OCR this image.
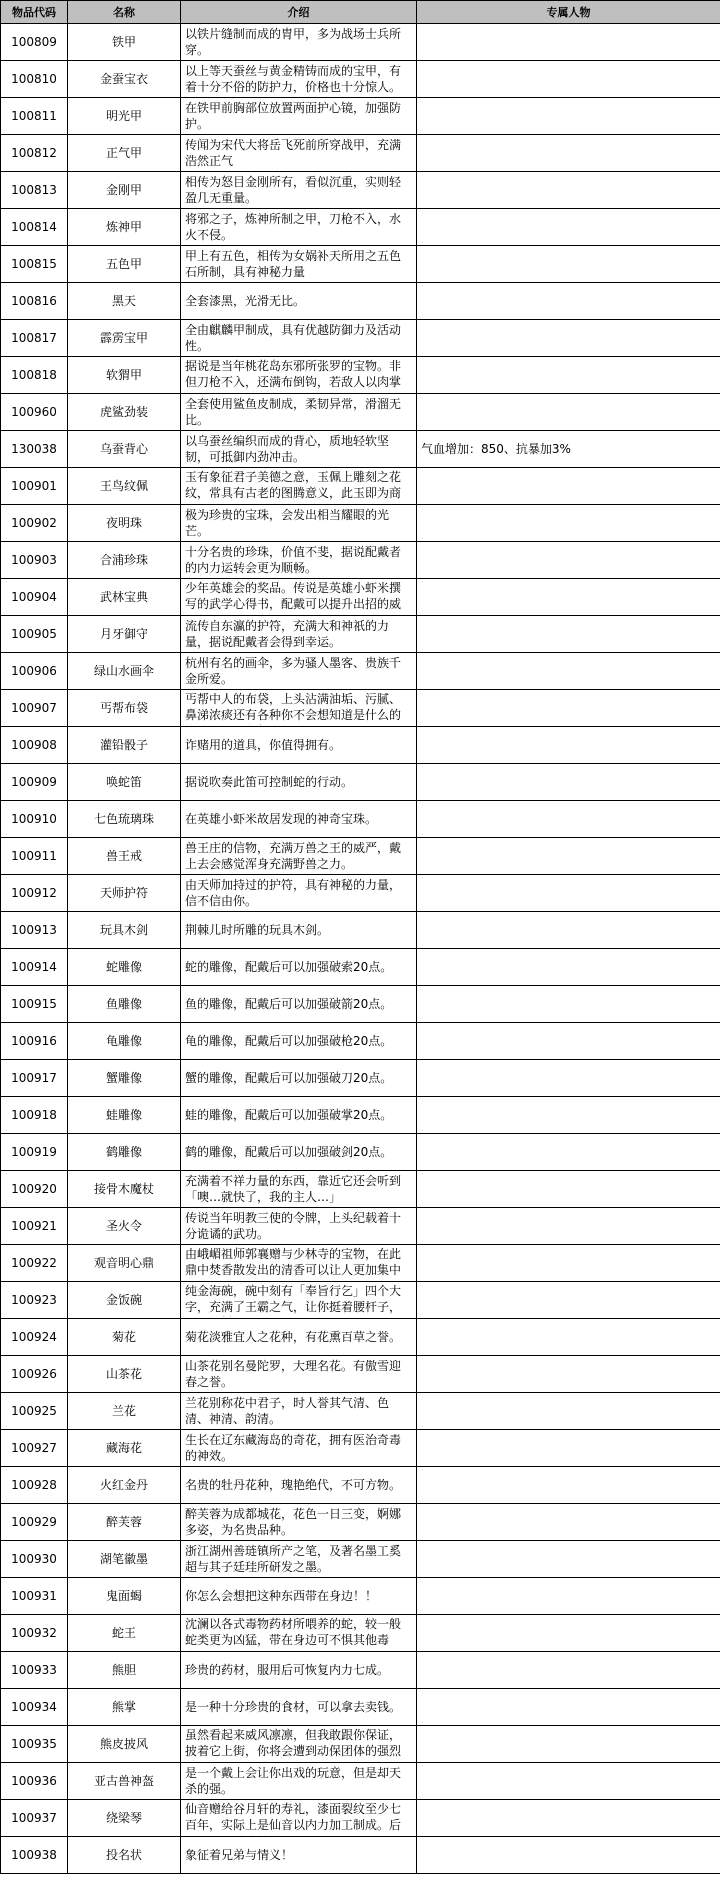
物品代码	名称	介绍	专属人物

100809	铁甲	以铁片缝制而成的胄甲，多为战场士兵所穿。	

100810	金蚕宝衣	以上等天蚕丝与黄金精铸而成的宝甲，有着十分不俗的防护力，价格也十分惊人。	

100811	明光甲	在铁甲前胸部位放置两面护心镜，加强防护。	

100812	正气甲	传闻为宋代大将岳飞死前所穿战甲，充满浩然正气	

100813	金刚甲	相传为怒目金刚所有，看似沉重，实则轻盈几无重量。	

100814	炼神甲	将邪之子，炼神所制之甲，刀枪不入，水火不侵。	

100815	五色甲	甲上有五色，相传为女娲补天所用之五色石所制，具有神秘力量	

100816	黑天	全套漆黑，光滑无比。	

100817	霹雳宝甲	全由麒麟甲制成，具有优越防御力及活动性。	

100818	软猬甲	据说是当年桃花岛东邪所张罗的宝物。非但刀枪不入，还满布倒钩，若敌人以肉掌	

100960	虎鲨劲装	全套使用鲨鱼皮制成，柔韧异常，滑溜无比。	

130038	乌蚕背心	以乌蚕丝编织而成的背心，质地轻软坚韧，可抵御内劲冲击。	气血增加：850、抗暴加3%

100901	王鸟纹佩	玉有象征君子美德之意，玉佩上雕刻之花纹，常具有古老的图腾意义，此玉即为商	

100902	夜明珠	极为珍贵的宝珠，会发出相当耀眼的光芒。	

100903	合浦珍珠	十分名贵的珍珠，价值不斐，据说配戴者的内力运转会更为顺畅。	

100904	武林宝典	少年英雄会的奖品。传说是英雄小虾米撰写的武学心得书，配戴可以提升出招的威	

100905	月牙御守	流传自东瀛的护符，充满大和神祇的力量，据说配戴者会得到幸运。	

100906	绿山水画伞	杭州有名的画伞，多为骚人墨客、贵族千金所爱。	

100907	丐帮布袋	丐帮中人的布袋，上头沾满油垢、污腻、鼻涕浓痰还有各种你不会想知道是什么的	

100908	灌铅骰子	诈赌用的道具，你值得拥有。	

100909	唤蛇笛	据说吹奏此笛可控制蛇的行动。	

100910	七色琉璃珠	在英雄小虾米故居发现的神奇宝珠。	

100911	兽王戒	兽王庄的信物，充满万兽之王的威严，戴上去会感觉浑身充满野兽之力。	

100912	天师护符	由天师加持过的护符，具有神秘的力量，信不信由你。	

100913	玩具木剑	荆棘儿时所雕的玩具木剑。	

100914	蛇雕像	蛇的雕像，配戴后可以加强破索20点。	

100915	鱼雕像	鱼的雕像，配戴后可以加强破箭20点。	

100916	龟雕像	龟的雕像，配戴后可以加强破枪20点。	

100917	蟹雕像	蟹的雕像，配戴后可以加强破刀20点。	

100918	蛙雕像	蛙的雕像，配戴后可以加强破掌20点。	

100919	鹤雕像	鹤的雕像，配戴后可以加强破剑20点。	

100920	接骨木魔杖	充满着不祥力量的东西，靠近它还会听到「噢…就快了，我的主人…」	

100921	圣火令	传说当年明教三使的令牌，上头纪载着十分诡谲的武功。	

100922	观音明心鼎	由峨嵋祖师郭襄赠与少林寺的宝物，在此鼎中焚香散发出的清香可以让人更加集中	

100923	金饭碗	纯金海碗，碗中刻有「奉旨行乞」四个大字，充满了王霸之气，让你挺着腰杆子，	

100924	菊花	菊花淡雅宜人之花种，有花熏百草之誉。	

100926	山茶花	山茶花别名曼陀罗，大理名花。有傲雪迎春之誉。	

100925	兰花	兰花别称花中君子，时人誉其气清、色清、神清、韵清。	

100927	藏海花	生长在辽东藏海岛的奇花，拥有医治奇毒的神效。	

100928	火红金丹	名贵的牡丹花种，瑰艳绝代，不可方物。	

100929	醉芙蓉	醉芙蓉为成都城花，花色一日三变，婀娜多姿，为名贵品种。	

100930	湖笔徽墨	浙江湖州善琏镇所产之笔，及著名墨工奚超与其子廷珪所研发之墨。	

100931	鬼面蝎	你怎么会想把这种东西带在身边！！	

100932	蛇王	沈澜以各式毒物药材所喂养的蛇，较一般蛇类更为凶猛，带在身边可不惧其他毒	

100933	熊胆	珍贵的药材，服用后可恢复内力七成。	

100934	熊掌	是一种十分珍贵的食材，可以拿去卖钱。	

100935	熊皮披风	虽然看起来威风凛凛，但我敢跟你保证，披着它上街，你将会遭到动保团体的强烈	

100936	亚古兽神盔	是一个戴上会让你出戏的玩意，但是却天杀的强。	

100937	绕梁琴	仙音赠给谷月轩的寿礼，漆面裂纹至少七百年，实际上是仙音以内力加工制成。后	

100938	投名状	象征着兄弟与情义！	
